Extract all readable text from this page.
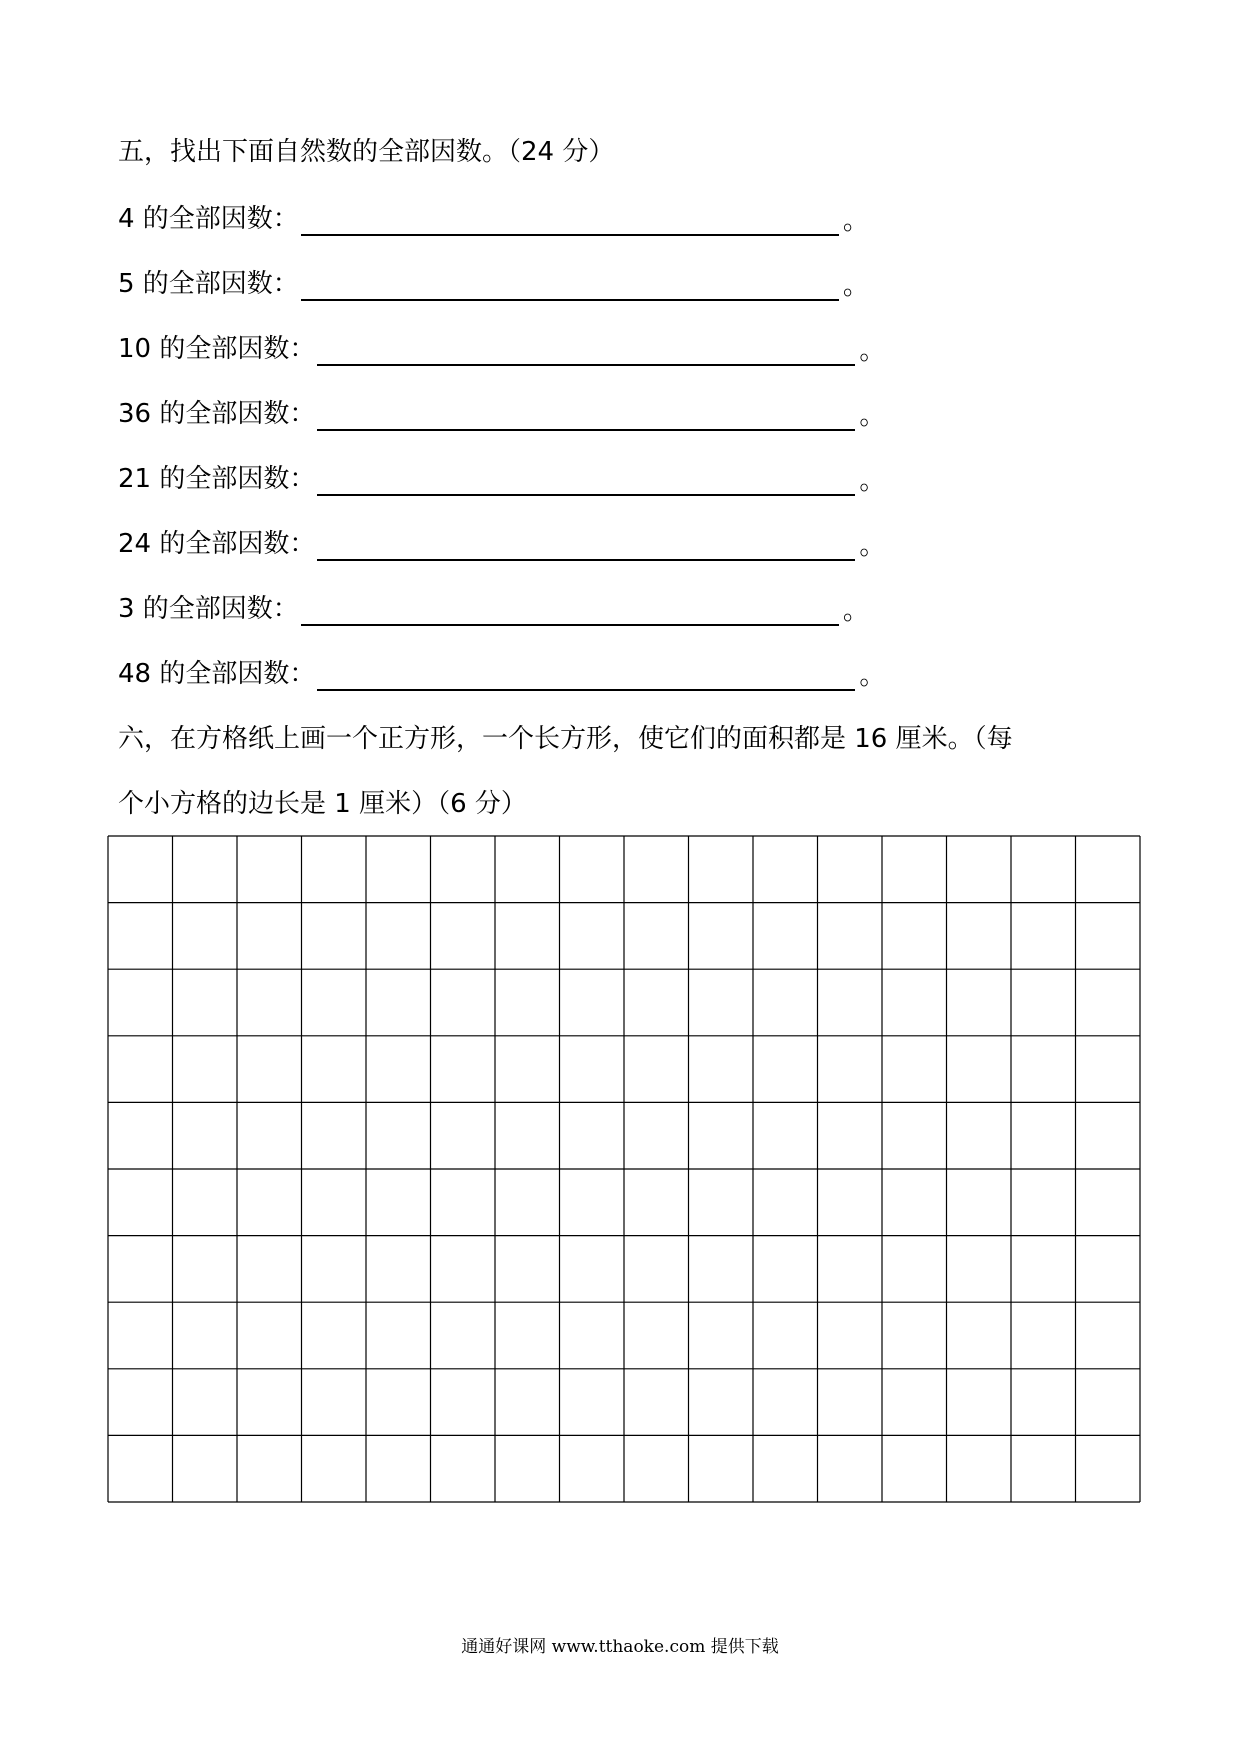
五，找出下面自然数的全部因数。（24 分）
4 的全部因数：	。
5 的全部因数：	。
10 的全部因数：	。
36 的全部因数：	。
21 的全部因数：	。
24 的全部因数：	。
3 的全部因数：	。
48 的全部因数：	。
六，在方格纸上画一个正方形，一个长方形，使它们的面积都是 16 厘米。（每
个小方格的边长是 1 厘米）（6 分）
通通好课网 www.tthaoke.com 提供下载
